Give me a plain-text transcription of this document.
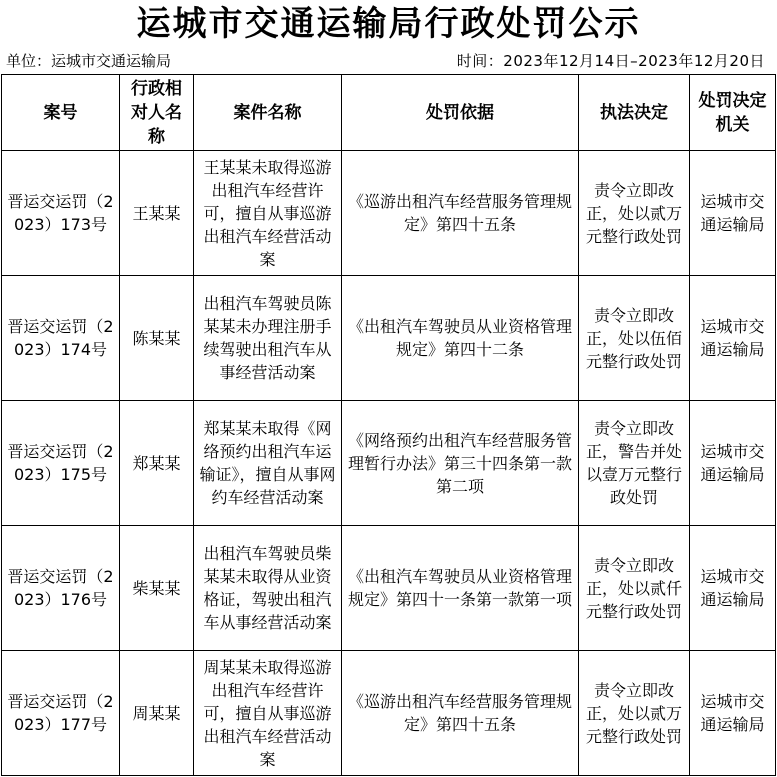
运城市交通运输局行政处罚公示
单位：运城市交通运输局	时间：2023年12月14日–2023年12月20日
案号	行政相对人名称	案件名称	处罚依据	执法决定	处罚决定机关
晋运交运罚（2023）173号	王某某	王某某未取得巡游出租汽车经营许可，擅自从事巡游出租汽车经营活动案	《巡游出租汽车经营服务管理规定》第四十五条	责令立即改正，处以贰万元整行政处罚	运城市交通运输局
晋运交运罚（2023）174号	陈某某	出租汽车驾驶员陈某某未办理注册手续驾驶出租汽车从事经营活动案	《出租汽车驾驶员从业资格管理规定》第四十二条	责令立即改正，处以伍佰元整行政处罚	运城市交通运输局
晋运交运罚（2023）175号	郑某某	郑某某未取得《网络预约出租汽车运输证》，擅自从事网约车经营活动案	《网络预约出租汽车经营服务管理暂行办法》第三十四条第一款第二项	责令立即改正，警告并处以壹万元整行政处罚	运城市交通运输局
晋运交运罚（2023）176号	柴某某	出租汽车驾驶员柴某某未取得从业资格证，驾驶出租汽车从事经营活动案	《出租汽车驾驶员从业资格管理规定》第四十一条第一款第一项	责令立即改正，处以贰仟元整行政处罚	运城市交通运输局
晋运交运罚（2023）177号	周某某	周某某未取得巡游出租汽车经营许可，擅自从事巡游出租汽车经营活动案	《巡游出租汽车经营服务管理规定》第四十五条	责令立即改正，处以贰万元整行政处罚	运城市交通运输局
